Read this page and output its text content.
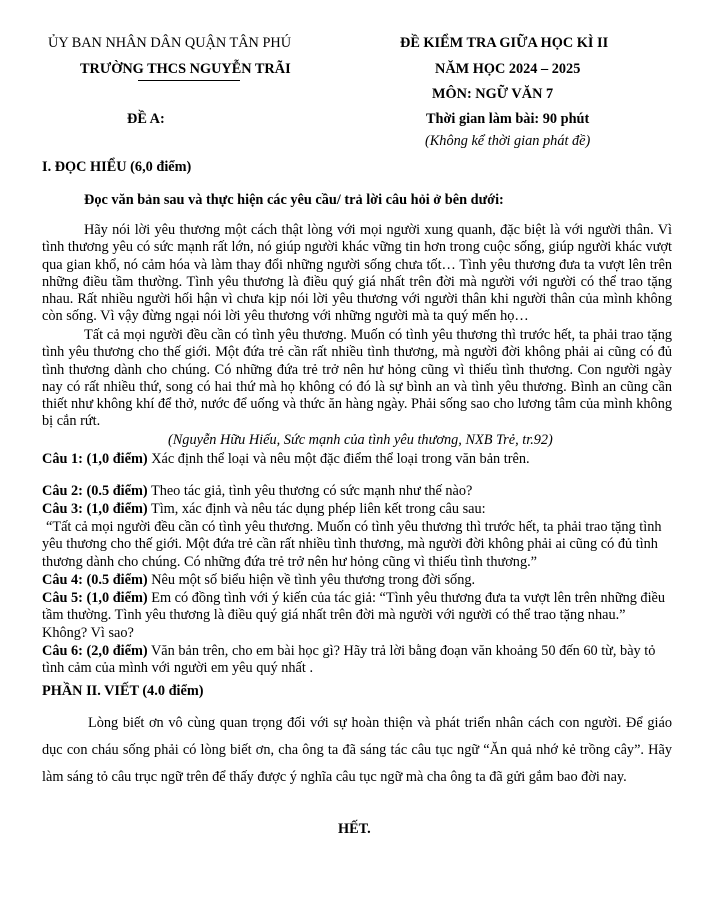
ỦY BAN NHÂN DÂN QUẬN TÂN PHÚ
TRƯỜNG THCS NGUYỄN TRÃI
ĐỀ KIỂM TRA GIỮA HỌC KÌ II
NĂM HỌC 2024 – 2025
MÔN: NGỮ VĂN 7
ĐỀ A:	Thời gian làm bài: 90 phút
(Không kể thời gian phát đề)
I. ĐỌC HIỂU (6,0 điểm)
Đọc văn bản sau và thực hiện các yêu cầu/ trả lời câu hỏi ở bên dưới:
Hãy nói lời yêu thương một cách thật lòng với mọi người xung quanh, đặc biệt là với người thân. Vì tình thương yêu có sức mạnh rất lớn, nó giúp người khác vững tin hơn trong cuộc sống, giúp người khác vượt qua gian khổ, nó cảm hóa và làm thay đổi những người sống chưa tốt… Tình yêu thương đưa ta vượt lên trên những điều tầm thường. Tình yêu thương là điều quý giá nhất trên đời mà người với người có thể trao tặng nhau. Rất nhiều người hối hận vì chưa kịp nói lời yêu thương với người thân khi người thân của mình không còn sống. Vì vậy đừng ngại nói lời yêu thương với những người mà ta quý mến họ…
Tất cả mọi người đều cần có tình yêu thương. Muốn có tình yêu thương thì trước hết, ta phải trao tặng tình yêu thương cho thế giới. Một đứa trẻ cần rất nhiều tình thương, mà người đời không phải ai cũng có đủ tình thương dành cho chúng. Có những đứa trẻ trở nên hư hỏng cũng vì thiếu tình thương. Con người ngày nay có rất nhiều thứ, song có hai thứ mà họ không có đó là sự bình an và tình yêu thương. Bình an cũng cần thiết như không khí để thở, nước để uống và thức ăn hàng ngày. Phải sống sao cho lương tâm của mình không bị cắn rứt.
(Nguyễn Hữu Hiếu, Sức mạnh của tình yêu thương, NXB Trẻ, tr.92)
Câu 1: (1,0 điểm) Xác định thể loại và nêu một đặc điểm thể loại trong văn bản trên.
Câu 2: (0.5 điểm) Theo tác giả, tình yêu thương có sức mạnh như thế nào?
Câu 3: (1,0 điểm) Tìm, xác định và nêu tác dụng phép liên kết trong câu sau:
“Tất cả mọi người đều cần có tình yêu thương. Muốn có tình yêu thương thì trước hết, ta phải trao tặng tình yêu thương cho thế giới. Một đứa trẻ cần rất nhiều tình thương, mà người đời không phải ai cũng có đủ tình thương dành cho chúng. Có những đứa trẻ trở nên hư hỏng cũng vì thiếu tình thương.”
Câu 4: (0.5 điểm) Nêu một số biểu hiện về tình yêu thương trong đời sống.
Câu 5: (1,0 điểm) Em có đồng tình với ý kiến của tác giả: “Tình yêu thương đưa ta vượt lên trên những điều tầm thường. Tình yêu thương là điều quý giá nhất trên đời mà người với người có thể trao tặng nhau.” Không? Vì sao?
Câu 6: (2,0 điểm) Văn bản trên, cho em bài học gì? Hãy trả lời bằng đoạn văn khoảng 50 đến 60 từ, bày tỏ tình cảm của mình với người em yêu quý nhất .
PHẦN II. VIẾT (4.0 điểm)
Lòng biết ơn vô cùng quan trọng đối với sự hoàn thiện và phát triển nhân cách con người. Để giáo dục con cháu sống phải có lòng biết ơn, cha ông ta đã sáng tác câu tục ngữ “Ăn quả nhớ kẻ trồng cây”. Hãy làm sáng tỏ câu trục ngữ trên để thấy được ý nghĩa câu tục ngữ mà cha ông ta đã gửi gắm bao đời nay.
HẾT.
